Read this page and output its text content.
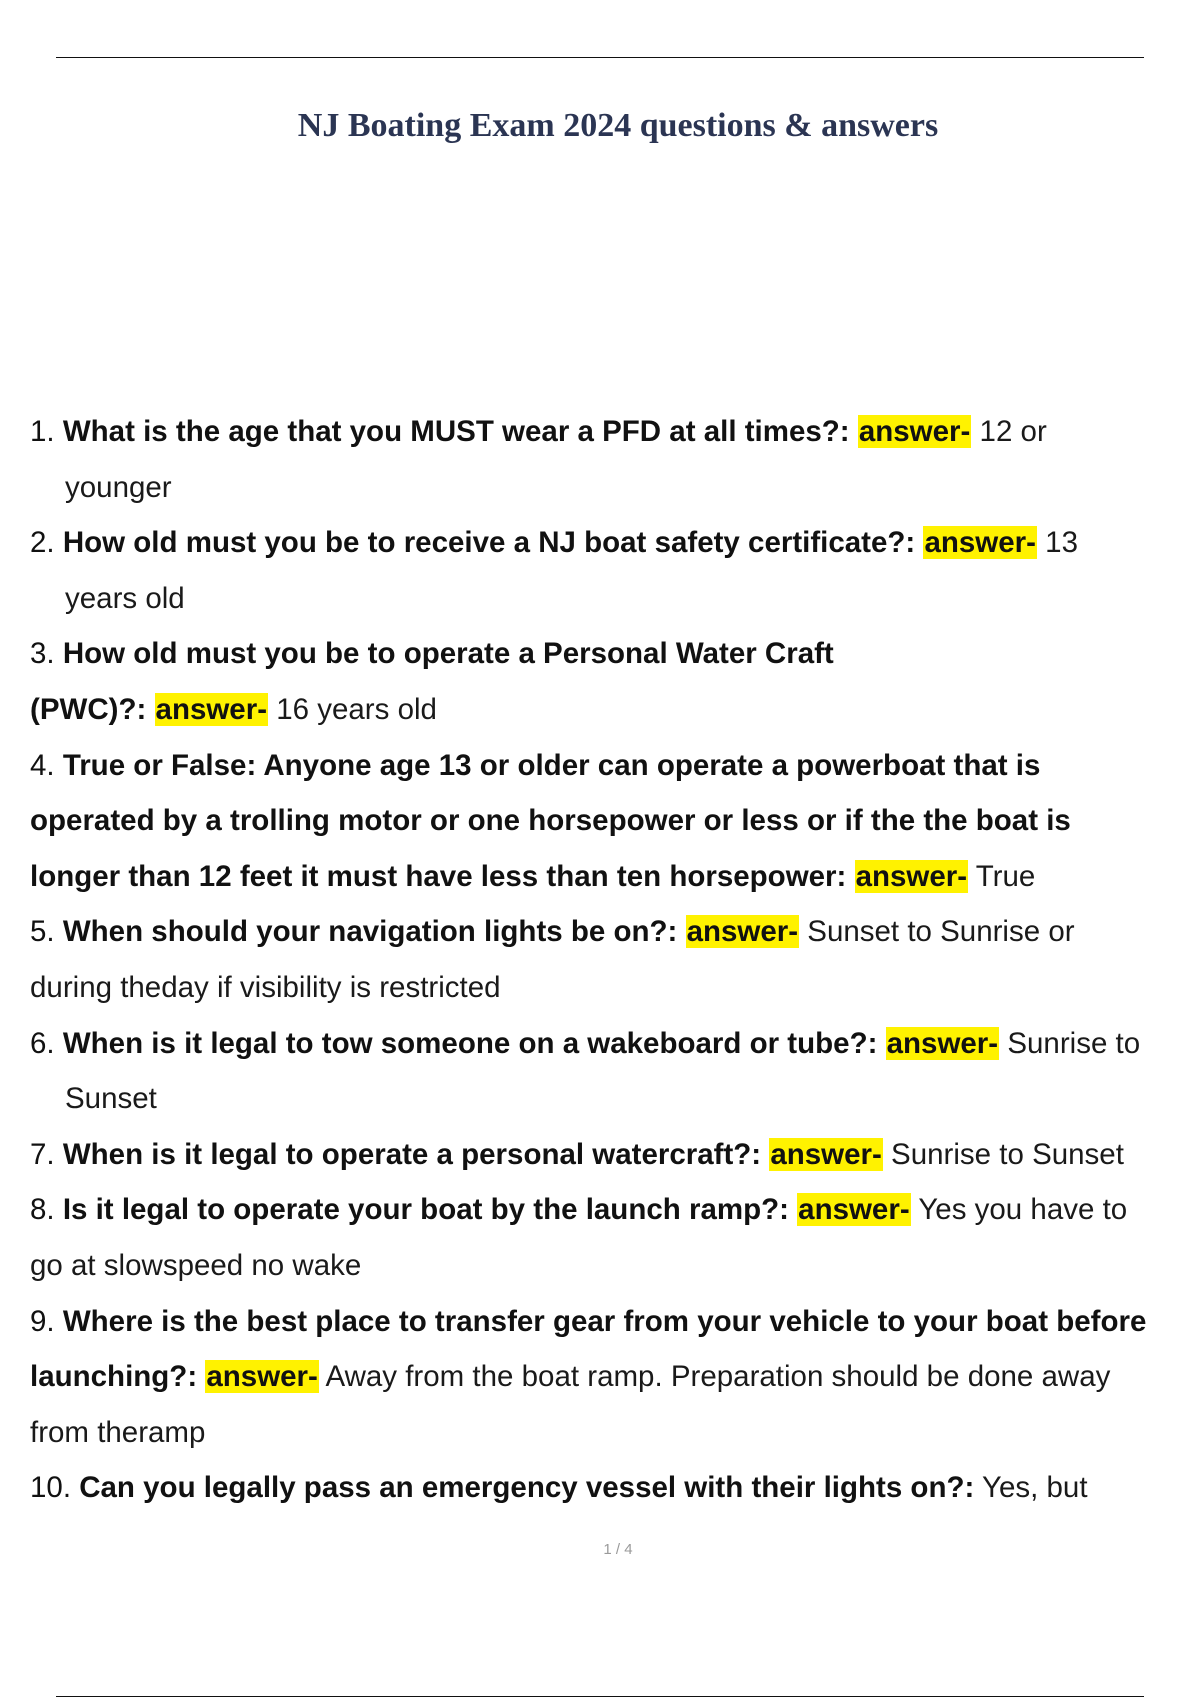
NJ Boating Exam 2024 questions & answers
1. What is the age that you MUST wear a PFD at all times?: answer- 12 or
younger
2. How old must you be to receive a NJ boat safety certificate?: answer- 13
years old
3. How old must you be to operate a Personal Water Craft
(PWC)?: answer- 16 years old
4. True or False: Anyone age 13 or older can operate a powerboat that is
operated by a trolling motor or one horsepower or less or if the the boat is
longer than 12 feet it must have less than ten horsepower: answer- True
5. When should your navigation lights be on?: answer- Sunset to Sunrise or
during theday if visibility is restricted
6. When is it legal to tow someone on a wakeboard or tube?: answer- Sunrise to
Sunset
7. When is it legal to operate a personal watercraft?: answer- Sunrise to Sunset
8. Is it legal to operate your boat by the launch ramp?: answer- Yes you have to
go at slowspeed no wake
9. Where is the best place to transfer gear from your vehicle to your boat before
launching?: answer- Away from the boat ramp. Preparation should be done away
from theramp
10. Can you legally pass an emergency vessel with their lights on?: Yes, but
1 / 4
